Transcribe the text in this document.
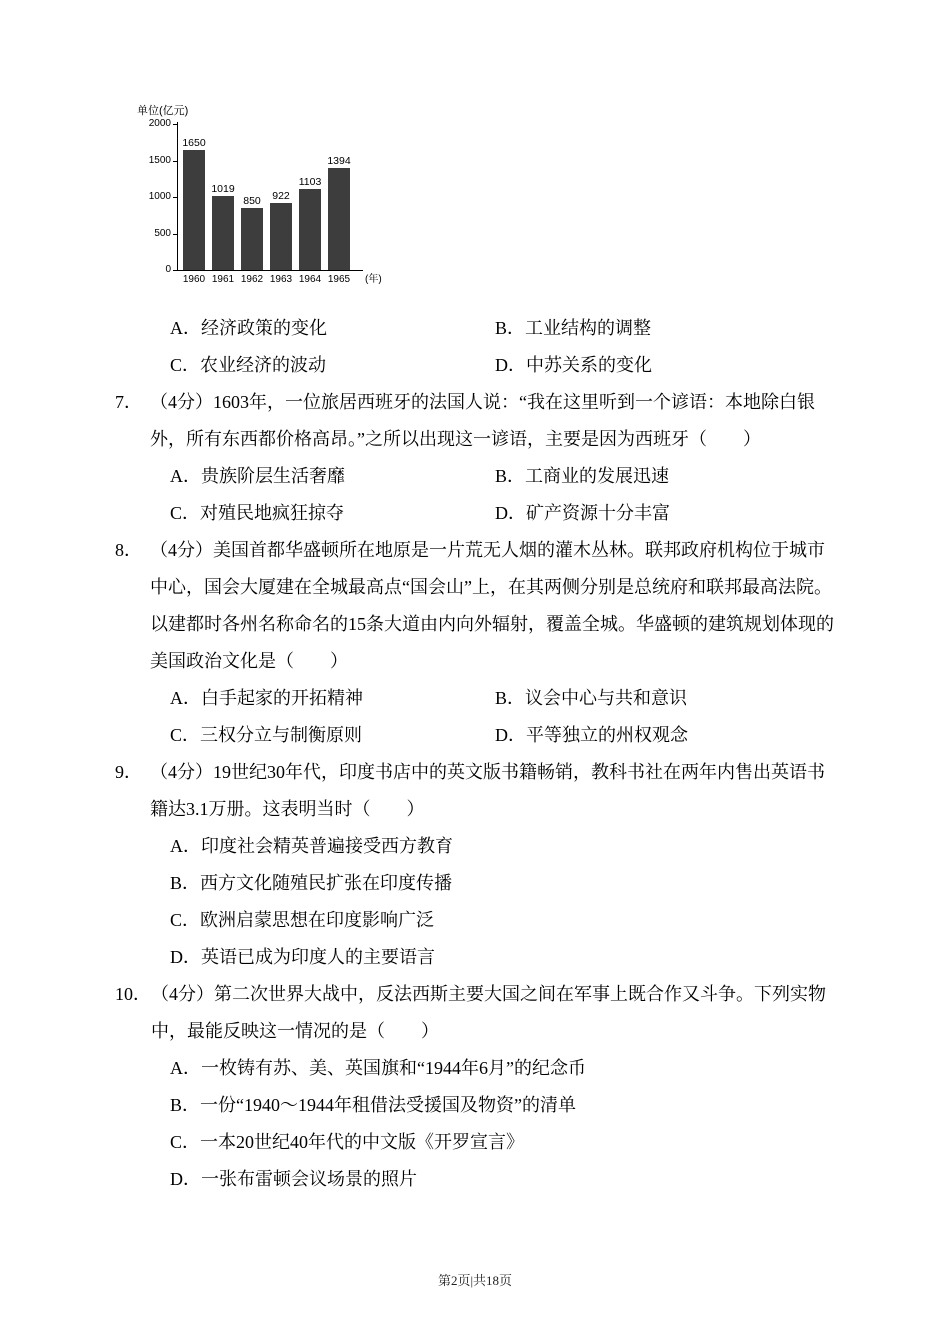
单位(亿元)
0
500
1000
1500
2000
1650
1960
1019
1961
850
1962
922
1963
1103
1964
1394
1965 (年)
A．经济政策的变化	B．工业结构的调整
C．农业经济的波动	D．中苏关系的变化
7． （4分）1603年，一位旅居西班牙的法国人说：“我在这里听到一个谚语：本地除白银外，所有东西都价格高昂。”之所以出现这一谚语，主要是因为西班牙（　　）
A．贵族阶层生活奢靡	B．工商业的发展迅速
C．对殖民地疯狂掠夺	D．矿产资源十分丰富
8． （4分）美国首都华盛顿所在地原是一片荒无人烟的灌木丛林。联邦政府机构位于城市中心，国会大厦建在全城最高点“国会山”上，在其两侧分别是总统府和联邦最高法院。以建都时各州名称命名的15条大道由内向外辐射，覆盖全城。华盛顿的建筑规划体现的美国政治文化是（　　）
A．白手起家的开拓精神	B．议会中心与共和意识
C．三权分立与制衡原则	D．平等独立的州权观念
9． （4分）19世纪30年代，印度书店中的英文版书籍畅销，教科书社在两年内售出英语书籍达3.1万册。这表明当时（　　）
A．印度社会精英普遍接受西方教育
B．西方文化随殖民扩张在印度传播
C．欧洲启蒙思想在印度影响广泛
D．英语已成为印度人的主要语言
10． （4分）第二次世界大战中，反法西斯主要大国之间在军事上既合作又斗争。下列实物中，最能反映这一情况的是（　　）
A．一枚铸有苏、美、英国旗和“1944年6月”的纪念币
B．一份“1940～1944年租借法受援国及物资”的清单
C．一本20世纪40年代的中文版《开罗宣言》
D．一张布雷顿会议场景的照片
第2页|共18页
